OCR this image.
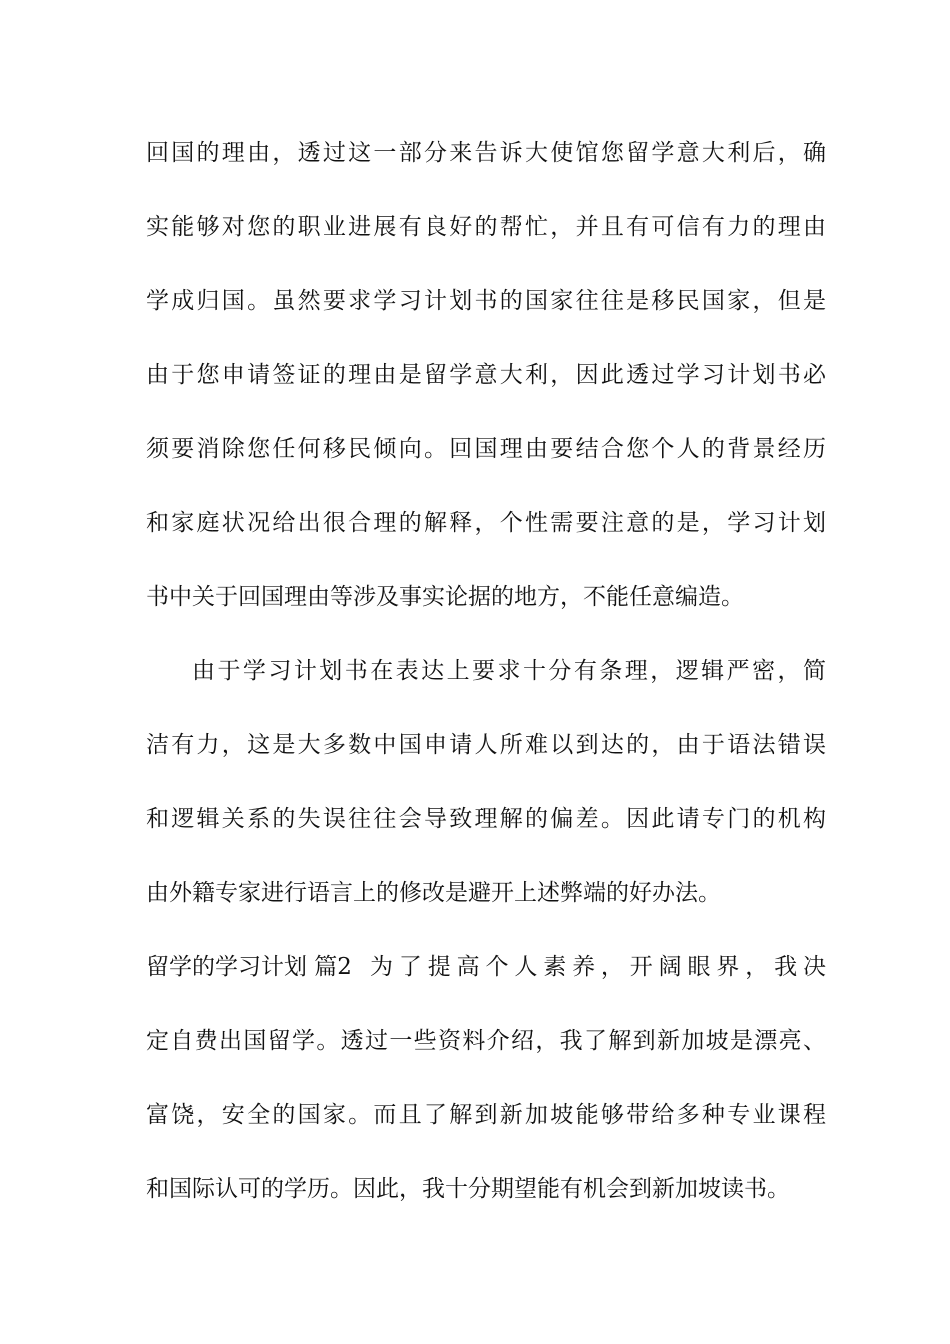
回国的理由，透过这一部分来告诉大使馆您留学意大利后，确
实能够对您的职业进展有良好的帮忙，并且有可信有力的理由
学成归国。虽然要求学习计划书的国家往往是移民国家，但是
由于您申请签证的理由是留学意大利，因此透过学习计划书必
须要消除您任何移民倾向。回国理由要结合您个人的背景经历
和家庭状况给出很合理的解释，个性需要注意的是，学习计划
书中关于回国理由等涉及事实论据的地方，不能任意编造。
由于学习计划书在表达上要求十分有条理，逻辑严密，简
洁有力，这是大多数中国申请人所难以到达的，由于语法错误
和逻辑关系的失误往往会导致理解的偏差。因此请专门的机构
由外籍专家进行语言上的修改是避开上述弊端的好办法。
留学的学习计划 篇2 为了提高个人素养，开阔眼界，我决
定自费出国留学。透过一些资料介绍，我了解到新加坡是漂亮、
富饶，安全的国家。而且了解到新加坡能够带给多种专业课程
和国际认可的学历。因此，我十分期望能有机会到新加坡读书。
